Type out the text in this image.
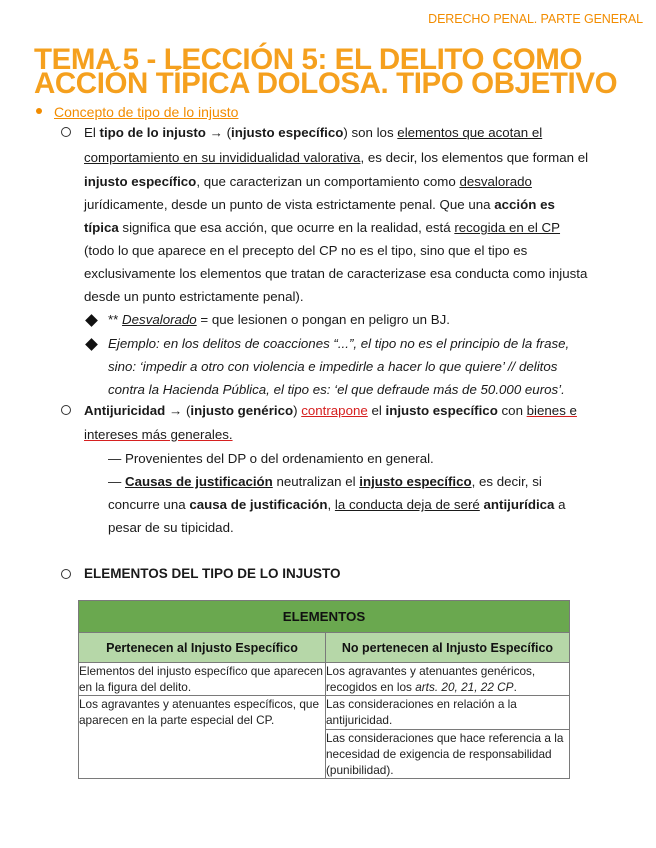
DERECHO PENAL. PARTE GENERAL
TEMA 5 - LECCIÓN 5: EL DELITO COMO
ACCIÓN TÍPICA DOLOSA. TIPO OBJETIVO
Concepto de tipo de lo injusto
El tipo de lo injusto → (injusto específico) son los elementos que acotan el
comportamiento en su invididualidad valorativa, es decir, los elementos que forman el
injusto específico, que caracterizan un comportamiento como desvalorado
jurídicamente, desde un punto de vista estrictamente penal. Que una acción es
típica significa que esa acción, que ocurre en la realidad, está recogida en el CP
(todo lo que aparece en el precepto del CP no es el tipo, sino que el tipo es
exclusivamente los elementos que tratan de caracterizase esa conducta como injusta
desde un punto estrictamente penal).
** Desvalorado = que lesionen o pongan en peligro un BJ.
Ejemplo: en los delitos de coacciones “...”, el tipo no es el principio de la frase,
sino: ‘impedir a otro con violencia e impedirle a hacer lo que quiere’ // delitos
contra la Hacienda Pública, el tipo es: ‘el que defraude más de 50.000 euros’.
Antijuricidad → (injusto genérico) contrapone el injusto específico con bienes e
intereses más generales.
— Provenientes del DP o del ordenamiento en general.
— Causas de justificación neutralizan el injusto específico, es decir, si
concurre una causa de justificación, la conducta deja de seré antijurídica a
pesar de su tipicidad.
ELEMENTOS DEL TIPO DE LO INJUSTO
ELEMENTOS	
Pertenecen al Injusto Específico	No pertenecen al Injusto Específico
Elementos del injusto específico que aparecen en la figura del delito.	Los agravantes y atenuantes genéricos, recogidos en los arts. 20, 21, 22 CP.
Los agravantes y atenuantes específicos, que aparecen en la parte especial del CP.	Las consideraciones en relación a la antijuricidad.
	Las consideraciones que hace referencia a la necesidad de exigencia de responsabilidad (punibilidad).
